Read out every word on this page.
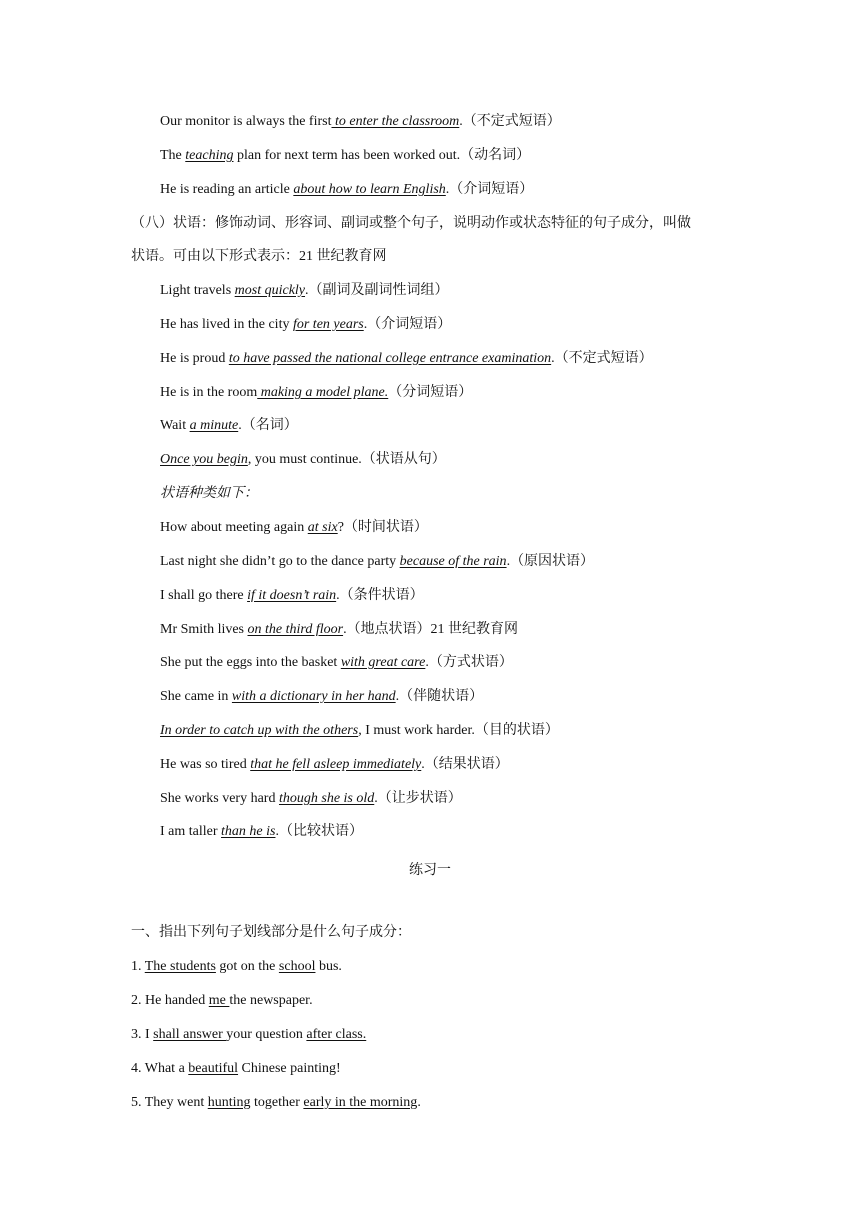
Our monitor is always the first to enter the classroom.（不定式短语）
The teaching plan for next term has been worked out.（动名词）
He is reading an article about how to learn English.（介词短语）
（八）状语：修饰动词、形容词、副词或整个句子，说明动作或状态特征的句子成分，叫做
状语。可由以下形式表示：21 世纪教育网
Light travels most quickly.（副词及副词性词组）
He has lived in the city for ten years.（介词短语）
He is proud to have passed the national college entrance examination.（不定式短语）
He is in the room making a model plane.（分词短语）
Wait a minute.（名词）
Once you begin, you must continue.（状语从句）
状语种类如下：
How about meeting again at six?（时间状语）
Last night she didn’t go to the dance party because of the rain.（原因状语）
I shall go there if it doesn’t rain.（条件状语）
Mr Smith lives on the third floor.（地点状语）21 世纪教育网
She put the eggs into the basket with great care.（方式状语）
She came in with a dictionary in her hand.（伴随状语）
In order to catch up with the others, I must work harder.（目的状语）
He was so tired that he fell asleep immediately.（结果状语）
She works very hard though she is old.（让步状语）
I am taller than he is.（比较状语）
练习一
一、指出下列句子划线部分是什么句子成分：
1. The students got on the school bus.
2. He handed me the newspaper.
3. I shall answer your question after class.
4. What a beautiful Chinese painting!
5. They went hunting together early in the morning.
